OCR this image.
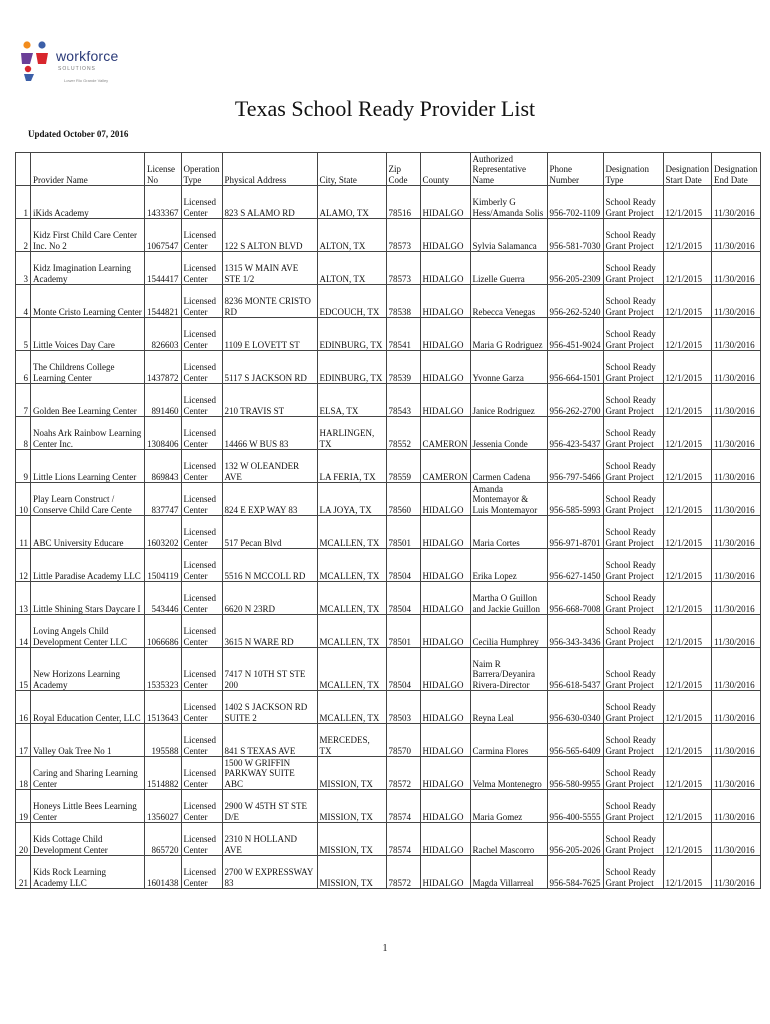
workforce
SOLUTIONS
Lower Rio Grande Valley
Texas School Ready Provider List
Updated October 07, 2016
	Provider Name	License No	Operation Type	Physical Address	City, State	Zip Code	County	Authorized Representative Name	Phone Number	Designation Type	Designation Start Date	Designation End Date
1	iKids Academy	1433367	Licensed Center	823 S ALAMO RD	ALAMO, TX	78516	HIDALGO	Kimberly G Hess/Amanda Solis	956-702-1109	School Ready Grant Project	12/1/2015	11/30/2016
2	Kidz First Child Care Center Inc. No 2	1067547	Licensed Center	122 S ALTON BLVD	ALTON, TX	78573	HIDALGO	Sylvia Salamanca	956-581-7030	School Ready Grant Project	12/1/2015	11/30/2016
3	Kidz Imagination Learning Academy	1544417	Licensed Center	1315 W MAIN AVE STE 1/2	ALTON, TX	78573	HIDALGO	Lizelle Guerra	956-205-2309	School Ready Grant Project	12/1/2015	11/30/2016
4	Monte Cristo Learning Center	1544821	Licensed Center	8236 MONTE CRISTO RD	EDCOUCH, TX	78538	HIDALGO	Rebecca Venegas	956-262-5240	School Ready Grant Project	12/1/2015	11/30/2016
5	Little Voices Day Care	826603	Licensed Center	1109 E LOVETT ST	EDINBURG, TX	78541	HIDALGO	Maria G Rodriguez	956-451-9024	School Ready Grant Project	12/1/2015	11/30/2016
6	The Childrens College Learning Center	1437872	Licensed Center	5117 S JACKSON RD	EDINBURG, TX	78539	HIDALGO	Yvonne Garza	956-664-1501	School Ready Grant Project	12/1/2015	11/30/2016
7	Golden Bee Learning Center	891460	Licensed Center	210 TRAVIS ST	ELSA, TX	78543	HIDALGO	Janice Rodriguez	956-262-2700	School Ready Grant Project	12/1/2015	11/30/2016
8	Noahs Ark Rainbow Learning Center Inc.	1308406	Licensed Center	14466 W BUS 83	HARLINGEN, TX	78552	CAMERON	Jessenia Conde	956-423-5437	School Ready Grant Project	12/1/2015	11/30/2016
9	Little Lions Learning Center	869843	Licensed Center	132 W OLEANDER AVE	LA FERIA, TX	78559	CAMERON	Carmen Cadena	956-797-5466	School Ready Grant Project	12/1/2015	11/30/2016
10	Play Learn Construct / Conserve Child Care Cente	837747	Licensed Center	824 E EXP WAY 83	LA JOYA, TX	78560	HIDALGO	Amanda Montemayor & Luis Montemayor	956-585-5993	School Ready Grant Project	12/1/2015	11/30/2016
11	ABC University Educare	1603202	Licensed Center	517 Pecan Blvd	MCALLEN, TX	78501	HIDALGO	Maria Cortes	956-971-8701	School Ready Grant Project	12/1/2015	11/30/2016
12	Little Paradise Academy LLC	1504119	Licensed Center	5516 N MCCOLL RD	MCALLEN, TX	78504	HIDALGO	Erika Lopez	956-627-1450	School Ready Grant Project	12/1/2015	11/30/2016
13	Little Shining Stars Daycare I	543446	Licensed Center	6620 N 23RD	MCALLEN, TX	78504	HIDALGO	Martha O Guillon and Jackie Guillon	956-668-7008	School Ready Grant Project	12/1/2015	11/30/2016
14	Loving Angels Child Development Center LLC	1066686	Licensed Center	3615 N WARE RD	MCALLEN, TX	78501	HIDALGO	Cecilia Humphrey	956-343-3436	School Ready Grant Project	12/1/2015	11/30/2016
15	New Horizons Learning Academy	1535323	Licensed Center	7417 N 10TH ST STE 200	MCALLEN, TX	78504	HIDALGO	Naim R Barrera/Deyanira Rivera-Director	956-618-5437	School Ready Grant Project	12/1/2015	11/30/2016
16	Royal Education Center, LLC	1513643	Licensed Center	1402 S JACKSON RD SUITE 2	MCALLEN, TX	78503	HIDALGO	Reyna Leal	956-630-0340	School Ready Grant Project	12/1/2015	11/30/2016
17	Valley Oak Tree No 1	195588	Licensed Center	841 S TEXAS AVE	MERCEDES, TX	78570	HIDALGO	Carmina Flores	956-565-6409	School Ready Grant Project	12/1/2015	11/30/2016
18	Caring and Sharing Learning Center	1514882	Licensed Center	1500 W GRIFFIN PARKWAY SUITE ABC	MISSION, TX	78572	HIDALGO	Velma Montenegro	956-580-9955	School Ready Grant Project	12/1/2015	11/30/2016
19	Honeys Little Bees Learning Center	1356027	Licensed Center	2900 W 45TH ST STE D/E	MISSION, TX	78574	HIDALGO	Maria Gomez	956-400-5555	School Ready Grant Project	12/1/2015	11/30/2016
20	Kids Cottage Child Development Center	865720	Licensed Center	2310 N HOLLAND AVE	MISSION, TX	78574	HIDALGO	Rachel Mascorro	956-205-2026	School Ready Grant Project	12/1/2015	11/30/2016
21	Kids Rock Learning Academy LLC	1601438	Licensed Center	2700 W EXPRESSWAY 83	MISSION, TX	78572	HIDALGO	Magda Villarreal	956-584-7625	School Ready Grant Project	12/1/2015	11/30/2016
1
